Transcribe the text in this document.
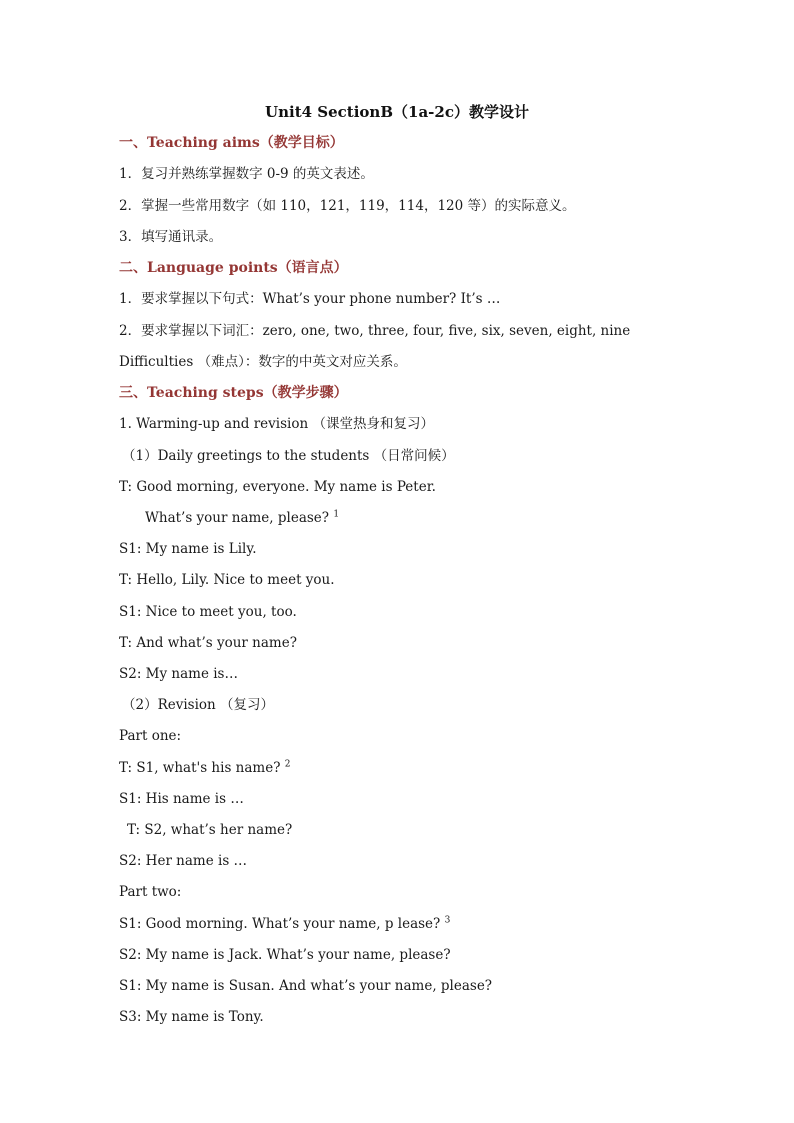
Unit4 SectionB（1a-2c）教学设计
一、Teaching aims（教学目标）
1．复习并熟练掌握数字 0-9 的英文表述。
2．掌握一些常用数字（如 110，121，119，114，120 等）的实际意义。
3．填写通讯录。
二、Language points（语言点）
1．要求掌握以下句式：What’s your phone number? It’s …
2．要求掌握以下词汇：zero, one, two, three, four, five, six, seven, eight, nine
Difficulties （难点）：数字的中英文对应关系。
三、Teaching steps（教学步骤）
1. Warming-up and revision （课堂热身和复习）
（1）Daily greetings to the students （日常问候）
T: Good morning, everyone. My name is Peter.
What’s your name, please? $^1$
S1: My name is Lily.
T: Hello, Lily. Nice to meet you.
S1: Nice to meet you, too.
T: And what’s your name?
S2: My name is…
（2）Revision （复习）
Part one:
T: S1, what's his name? $^2$
S1: His name is …
T: S2, what’s her name?
S2: Her name is …
Part two:
S1: Good morning. What’s your name, p lease? $^3$
S2: My name is Jack. What’s your name, please?
S1: My name is Susan. And what’s your name, please?
S3: My name is Tony.
